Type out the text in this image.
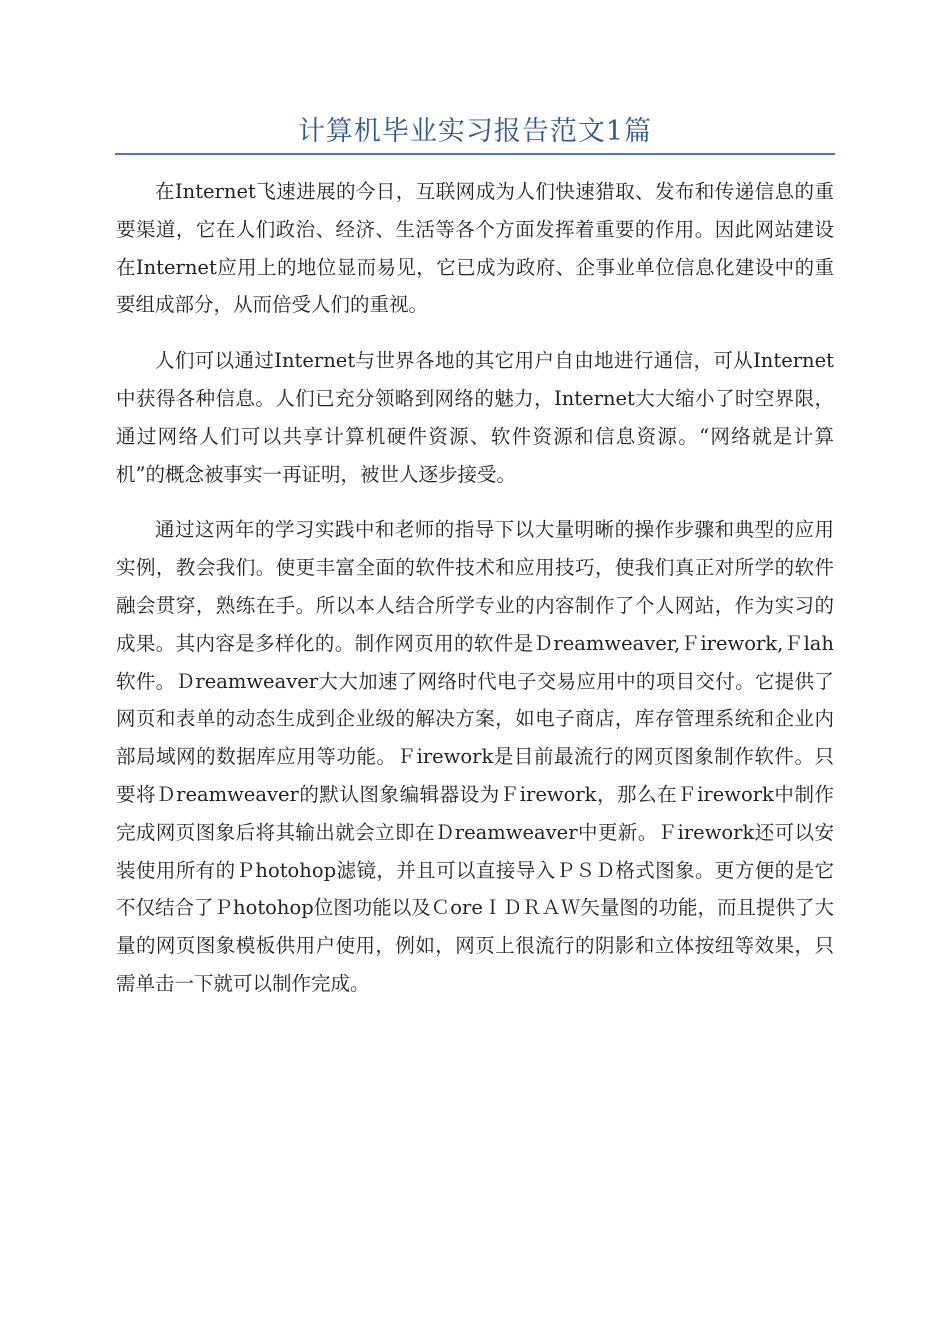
计算机毕业实习报告范文1篇

在Internet飞速进展的今日，互联网成为人们快速猎取、发布和传递信息的重要渠道，它在人们政治、经济、生活等各个方面发挥着重要的作用。因此网站建设在Internet应用上的地位显而易见，它已成为政府、企事业单位信息化建设中的重要组成部分，从而倍受人们的重视。

人们可以通过Internet与世界各地的其它用户自由地进行通信，可从Internet中获得各种信息。人们已充分领略到网络的魅力，Internet大大缩小了时空界限，通过网络人们可以共享计算机硬件资源、软件资源和信息资源。“网络就是计算机”的概念被事实一再证明，被世人逐步接受。

通过这两年的学习实践中和老师的指导下以大量明晰的操作步骤和典型的应用实例，教会我们。使更丰富全面的软件技术和应用技巧，使我们真正对所学的软件融会贯穿，熟练在手。所以本人结合所学专业的内容制作了个人网站，作为实习的成果。其内容是多样化的。制作网页用的软件是Ｄreamweaver,Ｆirework,Ｆlah软件。Ｄreamweaver大大加速了网络时代电子交易应用中的项目交付。它提供了网页和表单的动态生成到企业级的解决方案，如电子商店，库存管理系统和企业内部局域网的数据库应用等功能。Ｆirework是目前最流行的网页图象制作软件。只要将Ｄreamweaver的默认图象编辑器设为Ｆirework，那么在Ｆirework中制作完成网页图象后将其输出就会立即在Ｄreamweaver中更新。Ｆirework还可以安装使用所有的Ｐhotohop滤镜，并且可以直接导入ＰＳＤ格式图象。更方便的是它不仅结合了Ｐhotohop位图功能以及ＣoreＩＤＲＡＷ矢量图的功能，而且提供了大量的网页图象模板供用户使用，例如，网页上很流行的阴影和立体按纽等效果，只需单击一下就可以制作完成。
